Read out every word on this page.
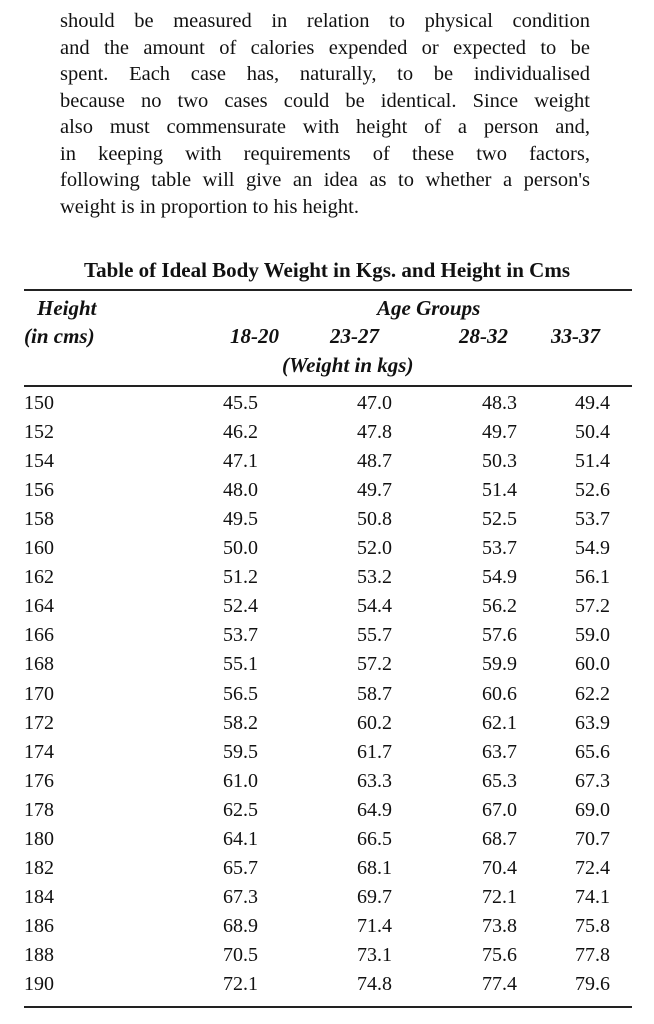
should be measured in relation to physical condition
and the amount of calories expended or expected to be
spent. Each case has, naturally, to be individualised
because no two cases could be identical. Since weight
also must commensurate with height of a person and,
in keeping with requirements of these two factors,
following table will give an idea as to whether a person's
weight is in proportion to his height.
Table of Ideal Body Weight in Kgs. and Height in Cms
Height
(in cms)
Age Groups
18-20 23-27	28-32 33-37
(Weight in kgs)
150	45.5	47.0	48.3	49.4
152	46.2	47.8	49.7	50.4
154	47.1	48.7	50.3	51.4
156	48.0	49.7	51.4	52.6
158	49.5	50.8	52.5	53.7
160	50.0	52.0	53.7	54.9
162	51.2	53.2	54.9	56.1
164	52.4	54.4	56.2	57.2
166	53.7	55.7	57.6	59.0
168	55.1	57.2	59.9	60.0
170	56.5	58.7	60.6	62.2
172	58.2	60.2	62.1	63.9
174	59.5	61.7	63.7	65.6
176	61.0	63.3	65.3	67.3
178	62.5	64.9	67.0	69.0
180	64.1	66.5	68.7	70.7
182	65.7	68.1	70.4	72.4
184	67.3	69.7	72.1	74.1
186	68.9	71.4	73.8	75.8
188	70.5	73.1	75.6	77.8
190	72.1	74.8	77.4	79.6
